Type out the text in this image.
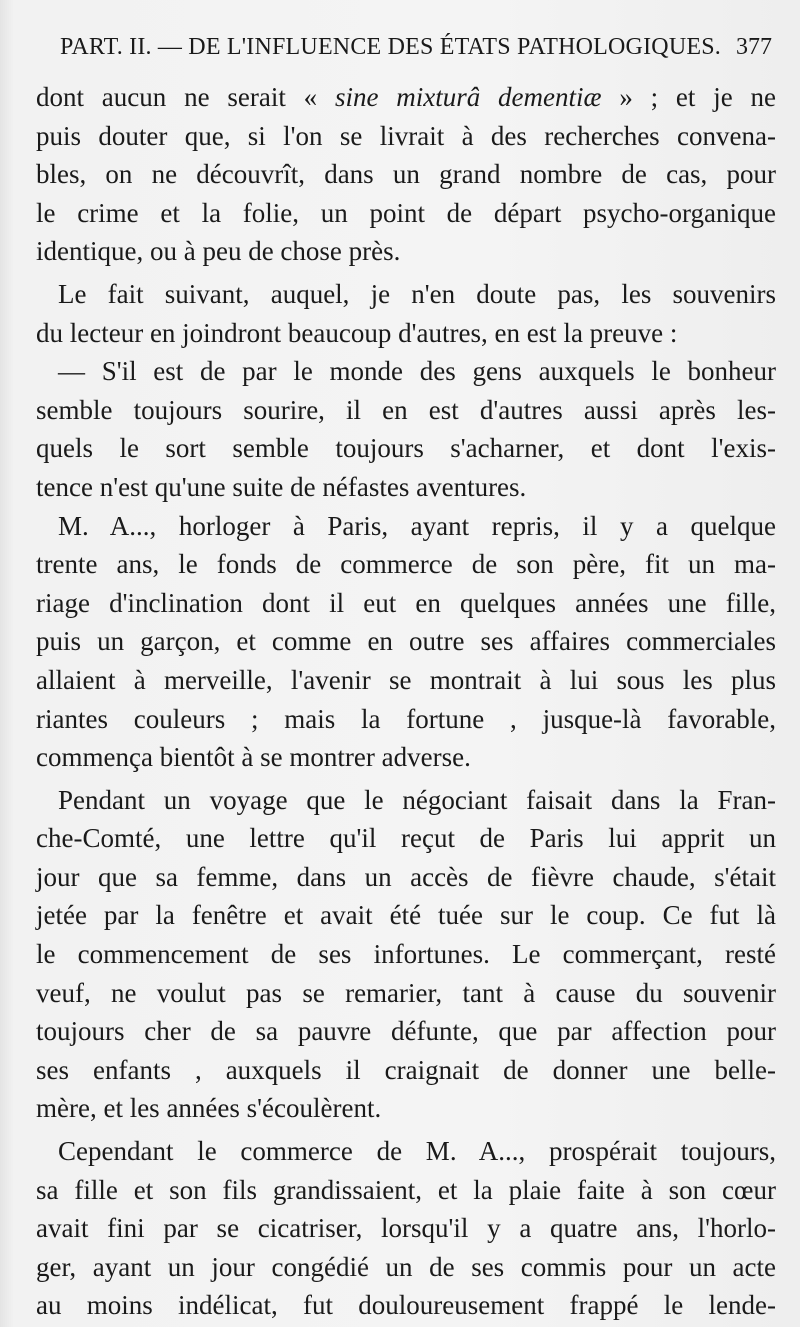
PART. II. — DE L'INFLUENCE DES ÉTATS PATHOLOGIQUES. 377
dont aucun ne serait « sine mixturâ dementiæ » ; et je ne
puis douter que, si l'on se livrait à des recherches convena-
bles, on ne découvrît, dans un grand nombre de cas, pour
le crime et la folie, un point de départ psycho-organique
identique, ou à peu de chose près.
Le fait suivant, auquel, je n'en doute pas, les souvenirs
du lecteur en joindront beaucoup d'autres, en est la preuve :
— S'il est de par le monde des gens auxquels le bonheur
semble toujours sourire, il en est d'autres aussi après les-
quels le sort semble toujours s'acharner, et dont l'exis-
tence n'est qu'une suite de néfastes aventures.
M. A..., horloger à Paris, ayant repris, il y a quelque
trente ans, le fonds de commerce de son père, fit un ma-
riage d'inclination dont il eut en quelques années une fille,
puis un garçon, et comme en outre ses affaires commerciales
allaient à merveille, l'avenir se montrait à lui sous les plus
riantes couleurs ; mais la fortune , jusque-là favorable,
commença bientôt à se montrer adverse.
Pendant un voyage que le négociant faisait dans la Fran-
che-Comté, une lettre qu'il reçut de Paris lui apprit un
jour que sa femme, dans un accès de fièvre chaude, s'était
jetée par la fenêtre et avait été tuée sur le coup. Ce fut là
le commencement de ses infortunes. Le commerçant, resté
veuf, ne voulut pas se remarier, tant à cause du souvenir
toujours cher de sa pauvre défunte, que par affection pour
ses enfants , auxquels il craignait de donner une belle-
mère, et les années s'écoulèrent.
Cependant le commerce de M. A..., prospérait toujours,
sa fille et son fils grandissaient, et la plaie faite à son cœur
avait fini par se cicatriser, lorsqu'il y a quatre ans, l'horlo-
ger, ayant un jour congédié un de ses commis pour un acte
au moins indélicat, fut douloureusement frappé le lende-
